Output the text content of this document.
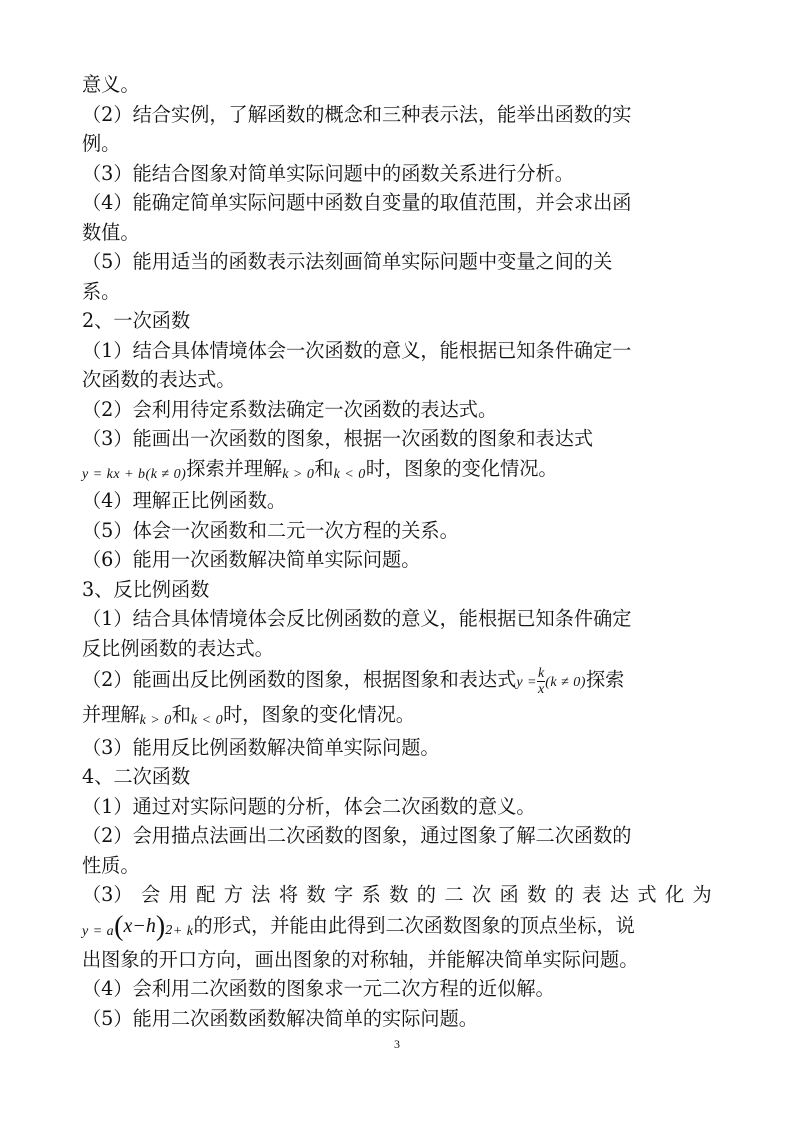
意义。

（2）结合实例，了解函数的概念和三种表示法，能举出函数的实

例。

（3）能结合图象对简单实际问题中的函数关系进行分析。

（4）能确定简单实际问题中函数自变量的取值范围，并会求出函

数值。

（5）能用适当的函数表示法刻画简单实际问题中变量之间的关

系。

2、一次函数

（1）结合具体情境体会一次函数的意义，能根据已知条件确定一

次函数的表达式。

（2）会利用待定系数法确定一次函数的表达式。

（3）能画出一次函数的图象，根据一次函数的图象和表达式

y = kx + b(k ≠ 0)探索并理解k > 0和k < 0时，图象的变化情况。

（4）理解正比例函数。

（5）体会一次函数和二元一次方程的关系。

（6）能用一次函数解决简单实际问题。

3、反比例函数

（1）结合具体情境体会反比例函数的意义，能根据已知条件确定

反比例函数的表达式。

（2）能画出反比例函数的图象，根据图象和表达式$y = \frac{k}{x} (k \ne 0)$探索

并理解k > 0和k < 0时，图象的变化情况。

（3）能用反比例函数解决简单实际问题。

4、二次函数

（1）通过对实际问题的分析，体会二次函数的意义。

（2）会用描点法画出二次函数的图象，通过图象了解二次函数的

性质。

（3） 会 用 配 方 法 将 数 字 系 数 的 二 次 函 数 的 表 达 式 化 为

y = a(x−h)2+ k的形式，并能由此得到二次函数图象的顶点坐标，说

出图象的开口方向，画出图象的对称轴，并能解决简单实际问题。

（4）会利用二次函数的图象求一元二次方程的近似解。

（5）能用二次函数函数解决简单的实际问题。

3
